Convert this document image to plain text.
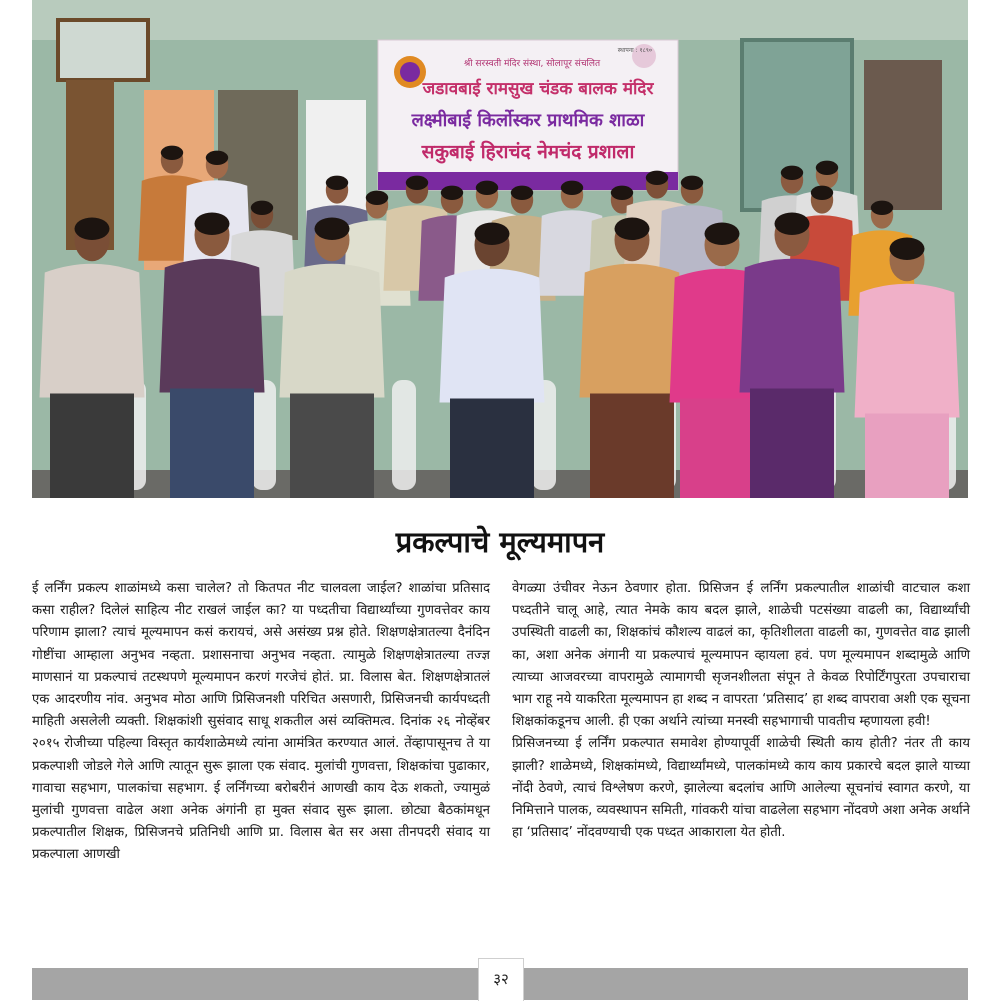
स्थापना : १८९०
श्री सरस्वती मंदिर संस्था, सोलापूर संचलित
जडावबाई रामसुख चंडक बालक मंदिर
लक्ष्मीबाई किर्लोस्कर प्राथमिक शाळा
सकुबाई हिराचंद नेमचंद प्रशाला
प्रकल्पाचे मूल्यमापन

ई लर्निंग प्रकल्प शाळांमध्ये कसा चालेल? तो कितपत नीट चालवला जाईल? शाळांचा प्रतिसाद कसा राहील? दिलेलं साहित्य नीट राखलं जाईल का? या पध्दतीचा विद्यार्थ्यांच्या गुणवत्तेवर काय परिणाम झाला? त्याचं मूल्यमापन कसं करायचं, असे असंख्य प्रश्न होते. शिक्षणक्षेत्रातल्या दैनंदिन गोष्टींचा आम्हाला अनुभव नव्हता. प्रशासनाचा अनुभव नव्हता. त्यामुळे शिक्षणक्षेत्रातल्या तज्ज्ञ माणसानं या प्रकल्पाचं तटस्थपणे मूल्यमापन करणं गरजेचं होतं. प्रा. विलास बेत. शिक्षणक्षेत्रातलं एक आदरणीय नांव. अनुभव मोठा आणि प्रिसिजनशी परिचित असणारी, प्रिसिजनची कार्यपध्दती माहिती असलेली व्यक्ती. शिक्षकांशी सुसंवाद साधू शकतील असं व्यक्तिमत्व. दिनांक २६ नोव्हेंबर २०१५ रोजीच्या पहिल्या विस्तृत कार्यशाळेमध्ये त्यांना आमंत्रित करण्यात आलं. तेंव्हापासूनच ते या प्रकल्पाशी जोडले गेले आणि त्यातून सुरू झाला एक संवाद. मुलांची गुणवत्ता, शिक्षकांचा पुढाकार, गावाचा सहभाग, पालकांचा सहभाग. ई लर्निंगच्या बरोबरीनं आणखी काय देऊ शकतो, ज्यामुळं मुलांची गुणवत्ता वाढेल अशा अनेक अंगांनी हा मुक्त संवाद सुरू झाला. छोट्या बैठकांमधून प्रकल्पातील शिक्षक, प्रिसिजनचे प्रतिनिधी आणि प्रा. विलास बेत सर असा तीनपदरी संवाद या प्रकल्पाला आणखी

वेगळ्या उंचीवर नेऊन ठेवणार होता. प्रिसिजन ई लर्निंग प्रकल्पातील शाळांची वाटचाल कशा पध्दतीने चालू आहे, त्यात नेमके काय बदल झाले, शाळेची पटसंख्या वाढली का, विद्यार्थ्यांची उपस्थिती वाढली का, शिक्षकांचं कौशल्य वाढलं का, कृतिशीलता वाढली का, गुणवत्तेत वाढ झाली का, अशा अनेक अंगानी या प्रकल्पाचं मूल्यमापन व्हायला हवं. पण मूल्यमापन शब्दामुळे आणि त्याच्या आजवरच्या वापरामुळे त्यामागची सृजनशीलता संपून ते केवळ रिपोर्टिंगपुरता उपचाराचा भाग राहू नये याकरिता मूल्यमापन हा शब्द न वापरता ‘प्रतिसाद’ हा शब्द वापरावा अशी एक सूचना शिक्षकांकडूनच आली. ही एका अर्थाने त्यांच्या मनस्वी सहभागाची पावतीच म्हणायला हवी!

प्रिसिजनच्या ई लर्निंग प्रकल्पात समावेश होण्यापूर्वी शाळेची स्थिती काय होती? नंतर ती काय झाली? शाळेमध्ये, शिक्षकांमध्ये, विद्यार्थ्यांमध्ये, पालकांमध्ये काय काय प्रकारचे बदल झाले याच्या नोंदी ठेवणे, त्याचं विश्लेषण करणे, झालेल्या बदलांच आणि आलेल्या सूचनांचं स्वागत करणे, या निमित्ताने पालक, व्यवस्थापन समिती, गांवकरी यांचा वाढलेला सहभाग नोंदवणे अशा अनेक अर्थाने हा ‘प्रतिसाद’ नोंदवण्याची एक पध्दत आकाराला येत होती.

३२
